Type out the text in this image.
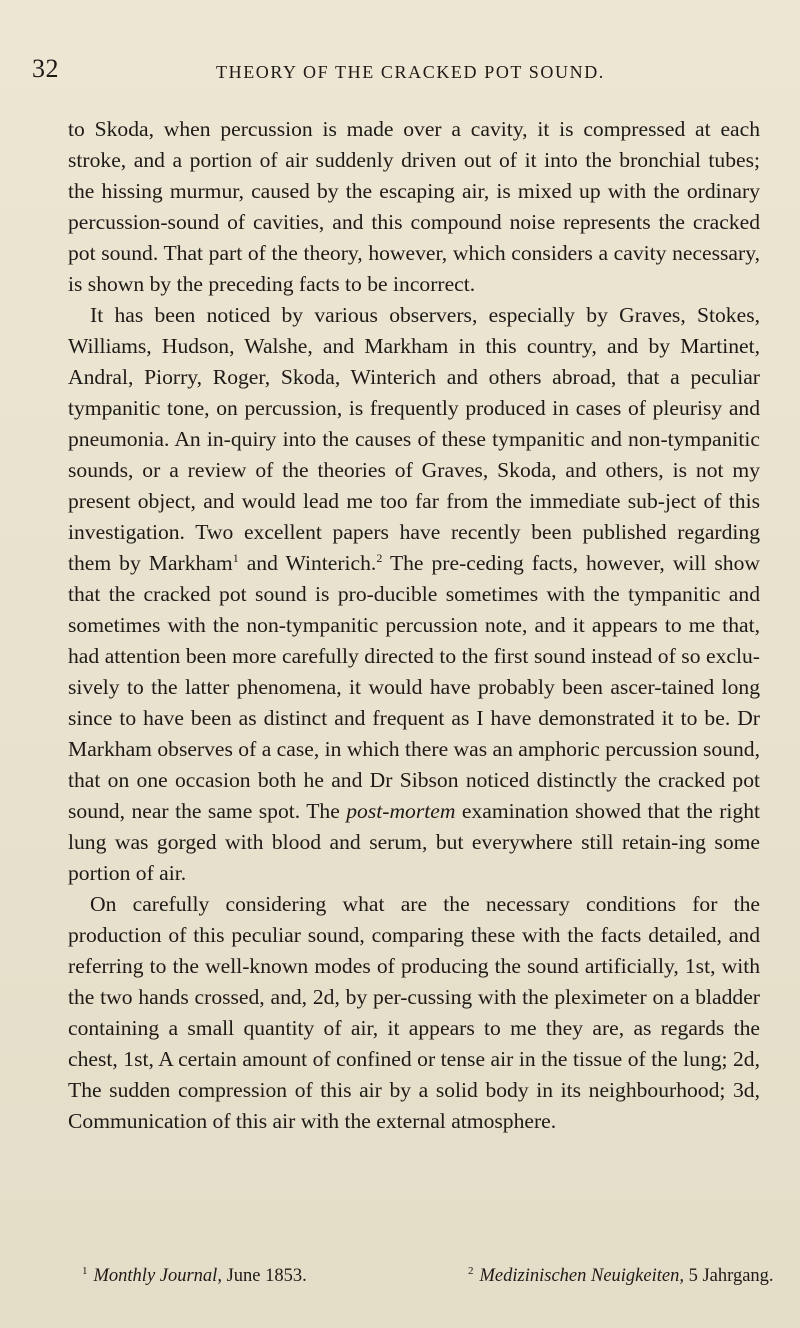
32	THEORY OF THE CRACKED POT SOUND.

to Skoda, when percussion is made over a cavity, it is compressed at each stroke, and a portion of air suddenly driven out of it into the bronchial tubes; the hissing murmur, caused by the escaping air, is mixed up with the ordinary percussion-sound of cavities, and this compound noise represents the cracked pot sound. That part of the theory, however, which considers a cavity necessary, is shown by the preceding facts to be incorrect.

It has been noticed by various observers, especially by Graves, Stokes, Williams, Hudson, Walshe, and Markham in this country, and by Martinet, Andral, Piorry, Roger, Skoda, Winterich and others abroad, that a peculiar tympanitic tone, on percussion, is frequently produced in cases of pleurisy and pneumonia. An in-quiry into the causes of these tympanitic and non-tympanitic sounds, or a review of the theories of Graves, Skoda, and others, is not my present object, and would lead me too far from the immediate sub-ject of this investigation. Two excellent papers have recently been published regarding them by Markham$^1$ and Winterich.$^2$ The pre-ceding facts, however, will show that the cracked pot sound is pro-ducible sometimes with the tympanitic and sometimes with the non-tympanitic percussion note, and it appears to me that, had attention been more carefully directed to the first sound instead of so exclu-sively to the latter phenomena, it would have probably been ascer-tained long since to have been as distinct and frequent as I have demonstrated it to be. Dr Markham observes of a case, in which there was an amphoric percussion sound, that on one occasion both he and Dr Sibson noticed distinctly the cracked pot sound, near the same spot. The post-mortem examination showed that the right lung was gorged with blood and serum, but everywhere still retain-ing some portion of air.

On carefully considering what are the necessary conditions for the production of this peculiar sound, comparing these with the facts detailed, and referring to the well-known modes of producing the sound artificially, 1st, with the two hands crossed, and, 2d, by per-cussing with the pleximeter on a bladder containing a small quantity of air, it appears to me they are, as regards the chest, 1st, A certain amount of confined or tense air in the tissue of the lung; 2d, The sudden compression of this air by a solid body in its neighbourhood; 3d, Communication of this air with the external atmosphere.

$^1$ Monthly Journal, June 1853.	$^2$ Medizinischen Neuigkeiten, 5 Jahrgang.
